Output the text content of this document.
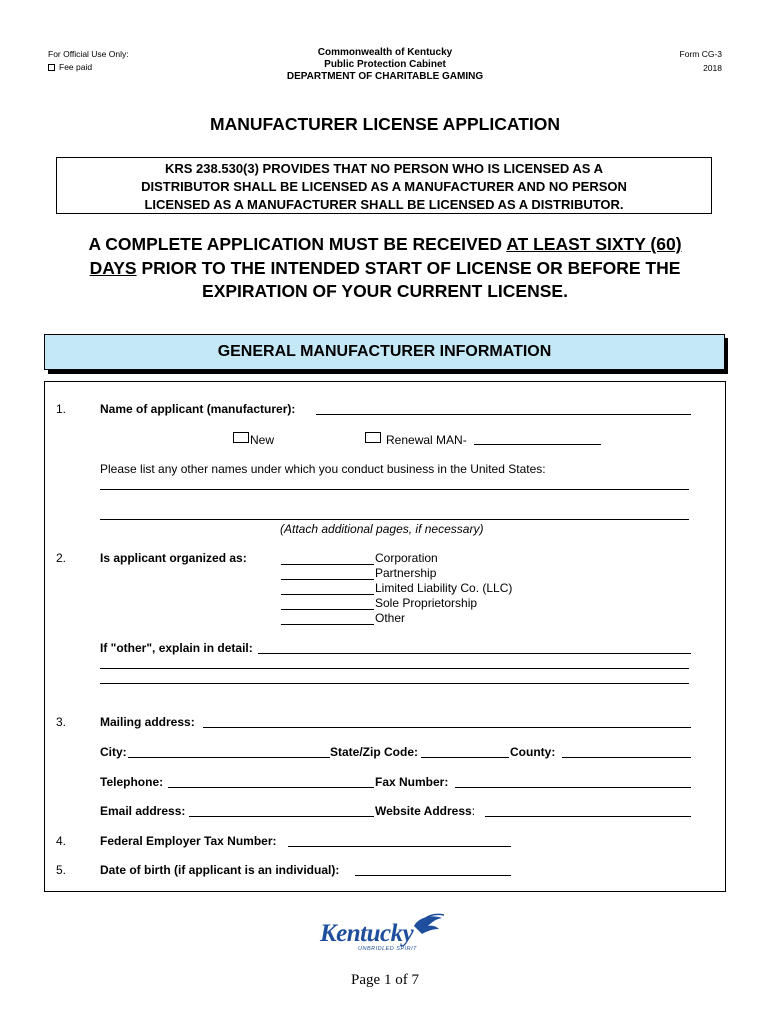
For Official Use Only:
Fee paid
Commonwealth of Kentucky
Public Protection Cabinet
DEPARTMENT OF CHARITABLE GAMING
Form CG-3
2018
MANUFACTURER LICENSE APPLICATION
KRS 238.530(3) PROVIDES THAT NO PERSON WHO IS LICENSED AS A
DISTRIBUTOR SHALL BE LICENSED AS A MANUFACTURER AND NO PERSON
LICENSED AS A MANUFACTURER SHALL BE LICENSED AS A DISTRIBUTOR.
A COMPLETE APPLICATION MUST BE RECEIVED AT LEAST SIXTY (60)
DAYS PRIOR TO THE INTENDED START OF LICENSE OR BEFORE THE
EXPIRATION OF YOUR CURRENT LICENSE.
GENERAL MANUFACTURER INFORMATION
1.	Name of applicant (manufacturer):
New	Renewal MAN-
Please list any other names under which you conduct business in the United States:
(Attach additional pages, if necessary)
2.	Is applicant organized as:	Corporation
Partnership
Limited Liability Co. (LLC)
Sole Proprietorship
Other
If "other", explain in detail:
3.	Mailing address:
City:	State/Zip Code:	County:
Telephone:	Fax Number:
Email address:	Website Address:
4.	Federal Employer Tax Number:
5.	Date of birth (if applicant is an individual):
Kentucky
UNBRIDLED SPIRIT
Page 1 of 7
